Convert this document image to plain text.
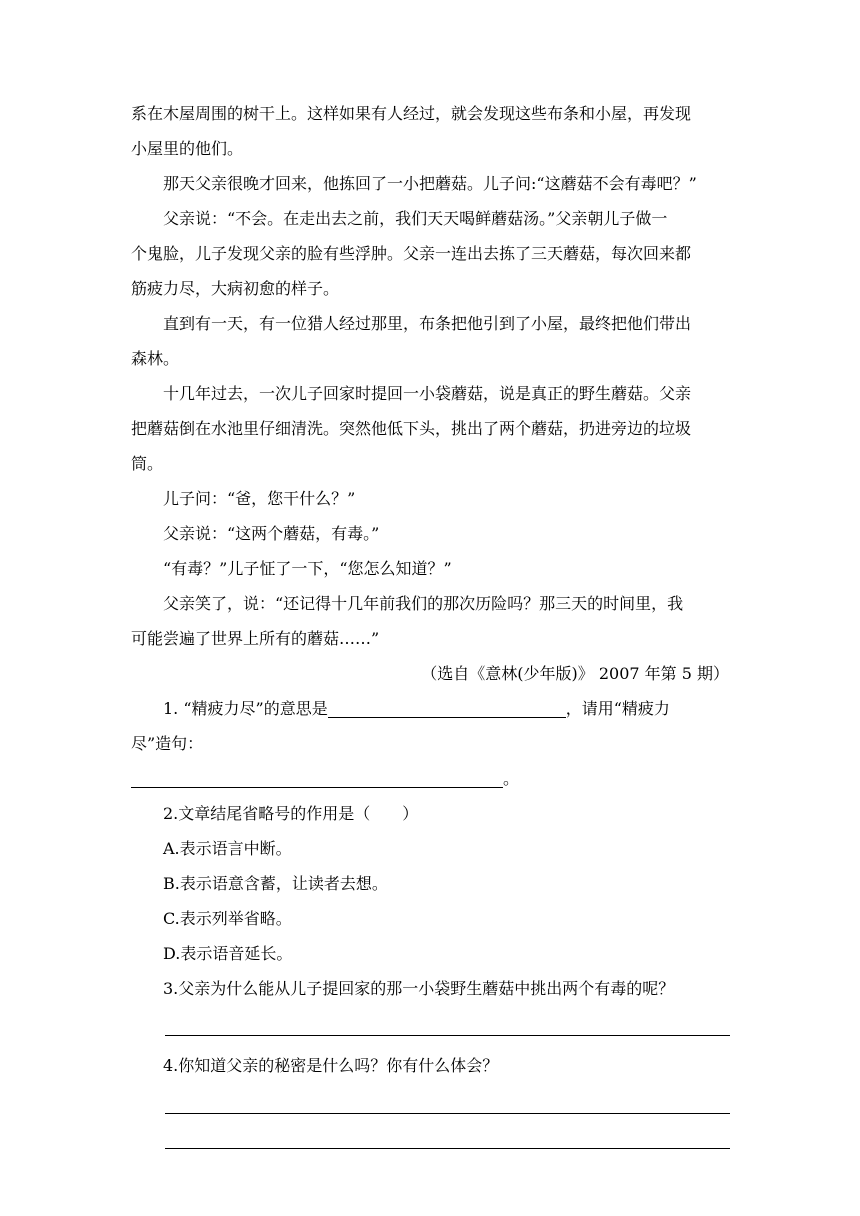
系在木屋周围的树干上。这样如果有人经过，就会发现这些布条和小屋，再发现
小屋里的他们。
那天父亲很晚才回来，他拣回了一小把蘑菇。儿子问:“这蘑菇不会有毒吧？”
父亲说：“不会。在走出去之前，我们天天喝鲜蘑菇汤。”父亲朝儿子做一
个鬼脸，儿子发现父亲的脸有些浮肿。父亲一连出去拣了三天蘑菇，每次回来都
筋疲力尽，大病初愈的样子。
直到有一天，有一位猎人经过那里，布条把他引到了小屋，最终把他们带出
森林。
十几年过去，一次儿子回家时提回一小袋蘑菇，说是真正的野生蘑菇。父亲
把蘑菇倒在水池里仔细清洗。突然他低下头，挑出了两个蘑菇，扔进旁边的垃圾
筒。
儿子问：“爸，您干什么？”
父亲说：“这两个蘑菇，有毒。”
“有毒？”儿子怔了一下，“您怎么知道？”
父亲笑了，说：“还记得十几年前我们的那次历险吗？那三天的时间里，我
可能尝遍了世界上所有的蘑菇……”
（选自《意林(少年版)》 2007 年第 5 期）
1. “精疲力尽”的意思是	，请用“精疲力
尽”造句：
。
2.文章结尾省略号的作用是（　　）
A.表示语言中断。
B.表示语意含蓄，让读者去想。
C.表示列举省略。
D.表示语音延长。
3.父亲为什么能从儿子提回家的那一小袋野生蘑菇中挑出两个有毒的呢？
4.你知道父亲的秘密是什么吗？你有什么体会？
